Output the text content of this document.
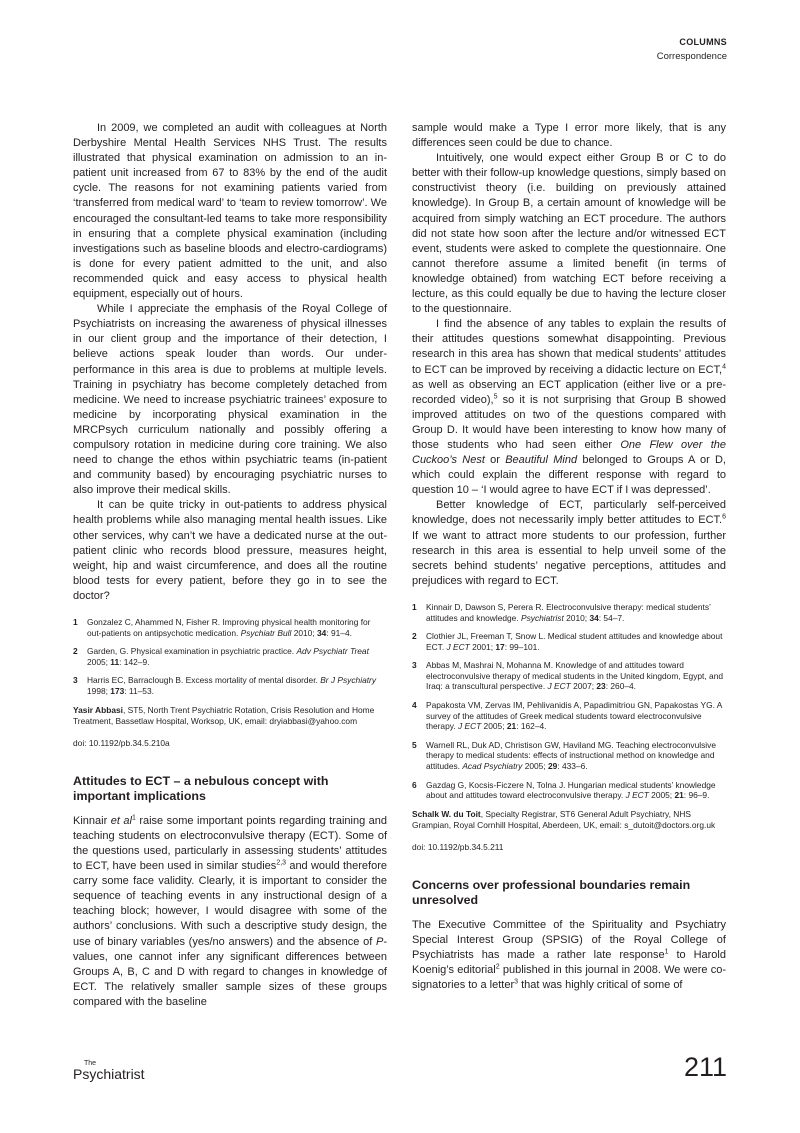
COLUMNS
Correspondence

In 2009, we completed an audit with colleagues at North Derbyshire Mental Health Services NHS Trust. The results illustrated that physical examination on admission to an in-patient unit increased from 67 to 83% by the end of the audit cycle. The reasons for not examining patients varied from ‘transferred from medical ward’ to ‘team to review tomorrow’. We encouraged the consultant-led teams to take more responsibility in ensuring that a complete physical examination (including investigations such as baseline bloods and electro-cardiograms) is done for every patient admitted to the unit, and also recommended quick and easy access to physical health equipment, especially out of hours.

While I appreciate the emphasis of the Royal College of Psychiatrists on increasing the awareness of physical illnesses in our client group and the importance of their detection, I believe actions speak louder than words. Our under-performance in this area is due to problems at multiple levels. Training in psychiatry has become completely detached from medicine. We need to increase psychiatric trainees’ exposure to medicine by incorporating physical examination in the MRCPsych curriculum nationally and possibly offering a compulsory rotation in medicine during core training. We also need to change the ethos within psychiatric teams (in-patient and community based) by encouraging psychiatric nurses to also improve their medical skills.

It can be quite tricky in out-patients to address physical health problems while also managing mental health issues. Like other services, why can’t we have a dedicated nurse at the out-patient clinic who records blood pressure, measures height, weight, hip and waist circumference, and does all the routine blood tests for every patient, before they go in to see the doctor?

1 Gonzalez C, Ahammed N, Fisher R. Improving physical health monitoring for out-patients on antipsychotic medication. Psychiatr Bull 2010; 34: 91–4.
2 Garden, G. Physical examination in psychiatric practice. Adv Psychiatr Treat 2005; 11: 142–9.
3 Harris EC, Barraclough B. Excess mortality of mental disorder. Br J Psychiatry 1998; 173: 11–53.
Yasir Abbasi, ST5, North Trent Psychiatric Rotation, Crisis Resolution and Home Treatment, Bassetlaw Hospital, Worksop, UK, email: dryiabbasi@yahoo.com
doi: 10.1192/pb.34.5.210a
Attitudes to ECT – a nebulous concept with important implications

Kinnair et $al^1$ raise some important points regarding training and teaching students on electroconvulsive therapy (ECT). Some of the questions used, particularly in assessing students’ attitudes to ECT, have been used in similar studies$^{2,3}$ and would therefore carry some face validity. Clearly, it is important to consider the sequence of teaching events in any instructional design of a teaching block; however, I would disagree with some of the authors’ conclusions. With such a descriptive study design, the use of binary variables (yes/no answers) and the absence of P-values, one cannot infer any significant differences between Groups A, B, C and D with regard to changes in knowledge of ECT. The relatively smaller sample sizes of these groups compared with the baseline

sample would make a Type I error more likely, that is any differences seen could be due to chance.

Intuitively, one would expect either Group B or C to do better with their follow-up knowledge questions, simply based on constructivist theory (i.e. building on previously attained knowledge). In Group B, a certain amount of knowledge will be acquired from simply watching an ECT procedure. The authors did not state how soon after the lecture and/or witnessed ECT event, students were asked to complete the questionnaire. One cannot therefore assume a limited benefit (in terms of knowledge obtained) from watching ECT before receiving a lecture, as this could equally be due to having the lecture closer to the questionnaire.

I find the absence of any tables to explain the results of their attitudes questions somewhat disappointing. Previous research in this area has shown that medical students’ attitudes to ECT can be improved by receiving a didactic lecture on ECT,$^4$ as well as observing an ECT application (either live or a pre-recorded video),$^5$ so it is not surprising that Group B showed improved attitudes on two of the questions compared with Group D. It would have been interesting to know how many of those students who had seen either One Flew over the Cuckoo’s Nest or Beautiful Mind belonged to Groups A or D, which could explain the different response with regard to question 10 – ‘I would agree to have ECT if I was depressed’.

Better knowledge of ECT, particularly self-perceived knowledge, does not necessarily imply better attitudes to ECT.$^6$ If we want to attract more students to our profession, further research in this area is essential to help unveil some of the secrets behind students’ negative perceptions, attitudes and prejudices with regard to ECT.

1 Kinnair D, Dawson S, Perera R. Electroconvulsive therapy: medical students’ attitudes and knowledge. Psychiatrist 2010; 34: 54–7.
2 Clothier JL, Freeman T, Snow L. Medical student attitudes and knowledge about ECT. J ECT 2001; 17: 99–101.
3 Abbas M, Mashrai N, Mohanna M. Knowledge of and attitudes toward electroconvulsive therapy of medical students in the United kingdom, Egypt, and Iraq: a transcultural perspective. J ECT 2007; 23: 260–4.
4 Papakosta VM, Zervas IM, Pehlivanidis A, Papadimitriou GN, Papakostas YG. A survey of the attitudes of Greek medical students toward electroconvulsive therapy. J ECT 2005; 21: 162–4.
5 Warnell RL, Duk AD, Christison GW, Haviland MG. Teaching electroconvulsive therapy to medical students: effects of instructional method on knowledge and attitudes. Acad Psychiatry 2005; 29: 433–6.
6 Gazdag G, Kocsis-Ficzere N, Tolna J. Hungarian medical students’ knowledge about and attitudes toward electroconvulsive therapy. J ECT 2005; 21: 96–9.
Schalk W. du Toit, Specialty Registrar, ST6 General Adult Psychiatry, NHS Grampian, Royal Cornhill Hospital, Aberdeen, UK, email: s_dutoit@doctors.org.uk
doi: 10.1192/pb.34.5.211
Concerns over professional boundaries remain unresolved

The Executive Committee of the Spirituality and Psychiatry Special Interest Group (SPSIG) of the Royal College of Psychiatrists has made a rather late response$^1$ to Harold Koenig’s editorial$^2$ published in this journal in 2008. We were co-signatories to a letter$^3$ that was highly critical of some of

The
Psychiatrist	211
